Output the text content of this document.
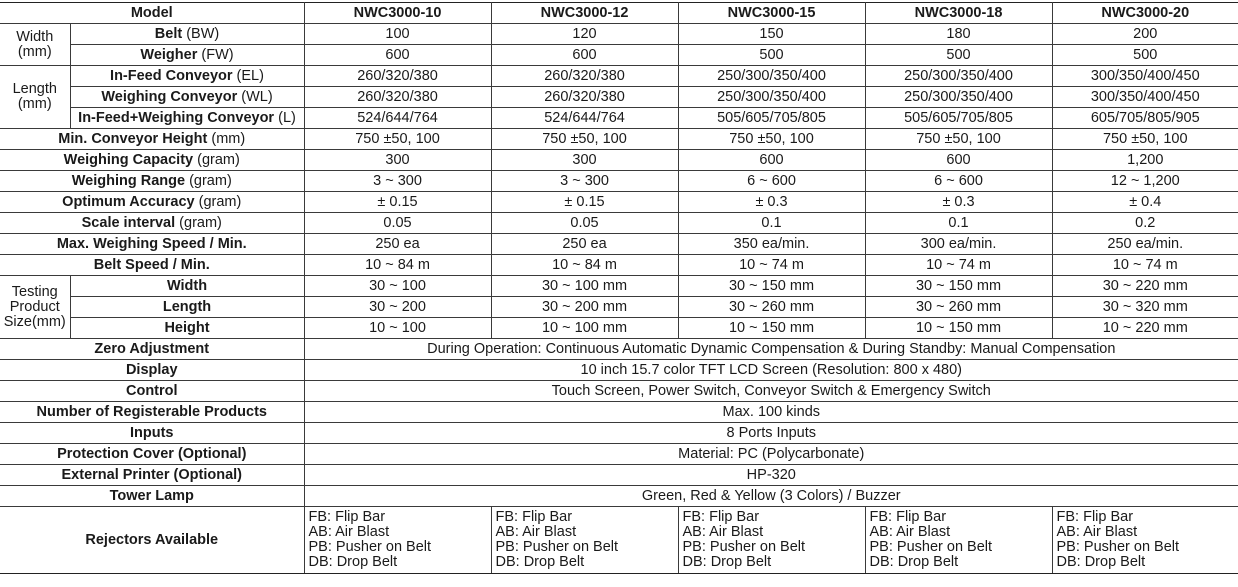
Model		NWC3000-10	NWC3000-12	NWC3000-15	NWC3000-18	NWC3000-20
Width
(mm)	Belt (BW)	100	120	150	180	200
	Weigher (FW)	600	600	500	500	500
Length
(mm)	In-Feed Conveyor (EL)	260/320/380	260/320/380	250/300/350/400	250/300/350/400	300/350/400/450
	Weighing Conveyor (WL)	260/320/380	260/320/380	250/300/350/400	250/300/350/400	300/350/400/450
	In-Feed+Weighing Conveyor (L)	524/644/764	524/644/764	505/605/705/805	505/605/705/805	605/705/805/905
Min. Conveyor Height (mm)		750 ±50, 100	750 ±50, 100	750 ±50, 100	750 ±50, 100	750 ±50, 100
Weighing Capacity (gram)		300	300	600	600	1,200
Weighing Range (gram)		3 ~ 300	3 ~ 300	6 ~ 600	6 ~ 600	12 ~ 1,200
Optimum Accuracy (gram)		± 0.15	± 0.15	± 0.3	± 0.3	± 0.4
Scale interval (gram)		0.05	0.05	0.1	0.1	0.2
Max. Weighing Speed / Min.		250 ea	250 ea	350 ea/min.	300 ea/min.	250 ea/min.
Belt Speed / Min.		10 ~ 84 m	10 ~ 84 m	10 ~ 74 m	10 ~ 74 m	10 ~ 74 m
Testing
Product
Size(mm)	Width	30 ~ 100	30 ~ 100 mm	30 ~ 150 mm	30 ~ 150 mm	30 ~ 220 mm
	Length	30 ~ 200	30 ~ 200 mm	30 ~ 260 mm	30 ~ 260 mm	30 ~ 320 mm
	Height	10 ~ 100	10 ~ 100 mm	10 ~ 150 mm	10 ~ 150 mm	10 ~ 220 mm
Zero Adjustment		During Operation: Continuous Automatic Dynamic Compensation & During Standby: Manual Compensation				
Display		10 inch 15.7 color TFT LCD Screen (Resolution: 800 x 480)				
Control		Touch Screen, Power Switch, Conveyor Switch & Emergency Switch				
Number of Registerable Products		Max. 100 kinds				
Inputs		8 Ports Inputs				
Protection Cover (Optional)		Material: PC (Polycarbonate)				
External Printer (Optional)		HP-320				
Tower Lamp		Green, Red & Yellow (3 Colors) / Buzzer				
Rejectors Available		FB: Flip Bar
AB: Air Blast
PB: Pusher on Belt
DB: Drop Belt	FB: Flip Bar
AB: Air Blast
PB: Pusher on Belt
DB: Drop Belt	FB: Flip Bar
AB: Air Blast
PB: Pusher on Belt
DB: Drop Belt	FB: Flip Bar
AB: Air Blast
PB: Pusher on Belt
DB: Drop Belt	FB: Flip Bar
AB: Air Blast
PB: Pusher on Belt
DB: Drop Belt
